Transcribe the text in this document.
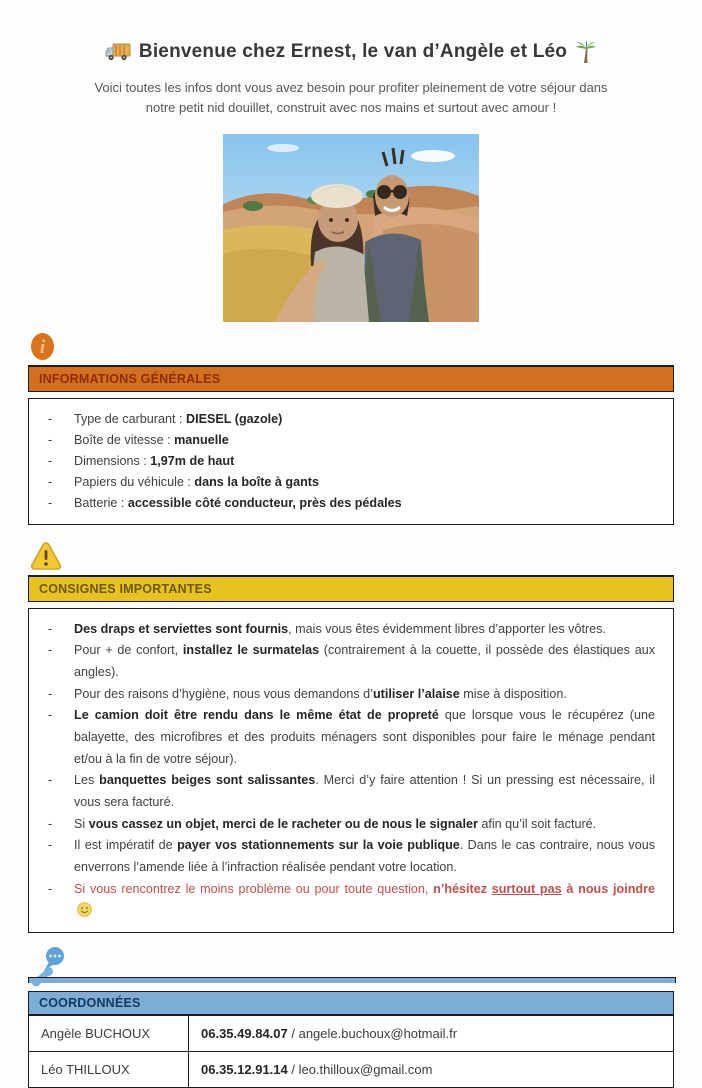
Bienvenue chez Ernest, le van d’Angèle et Léo

Voici toutes les infos dont vous avez besoin pour profiter pleinement de votre séjour dans notre petit nid douillet, construit avec nos mains et surtout avec amour !

i
INFORMATIONS GÉNÉRALES
- Type de carburant : DIESEL (gazole)
- Boîte de vitesse : manuelle
- Dimensions : 1,97m de haut
- Papiers du véhicule : dans la boîte à gants
- Batterie : accessible côté conducteur, près des pédales
CONSIGNES IMPORTANTES
- Des draps et serviettes sont fournis, mais vous êtes évidemment libres d’apporter les vôtres.
- Pour + de confort, installez le surmatelas (contrairement à la couette, il possède des élastiques aux angles).
- Pour des raisons d’hygiène, nous vous demandons d’utiliser l’alaise mise à disposition.
- Le camion doit être rendu dans le même état de propreté que lorsque vous le récupérez (une balayette, des microfibres et des produits ménagers sont disponibles pour faire le ménage pendant et/ou à la fin de votre séjour).
- Les banquettes beiges sont salissantes. Merci d’y faire attention ! Si un pressing est nécessaire, il vous sera facturé.
- Si vous cassez un objet, merci de le racheter ou de nous le signaler afin qu’il soit facturé.
- Il est impératif de payer vos stationnements sur la voie publique. Dans le cas contraire, nous vous enverrons l’amende liée à l’infraction réalisée pendant votre location.
- Si vous rencontrez le moins problème ou pour toute question, n’hésitez surtout pas à nous joindre
COORDONNÉES
Angèle BUCHOUX	06.35.49.84.07 / angele.buchoux@hotmail.fr
Léo THILLOUX	06.35.12.91.14 / leo.thilloux@gmail.com
